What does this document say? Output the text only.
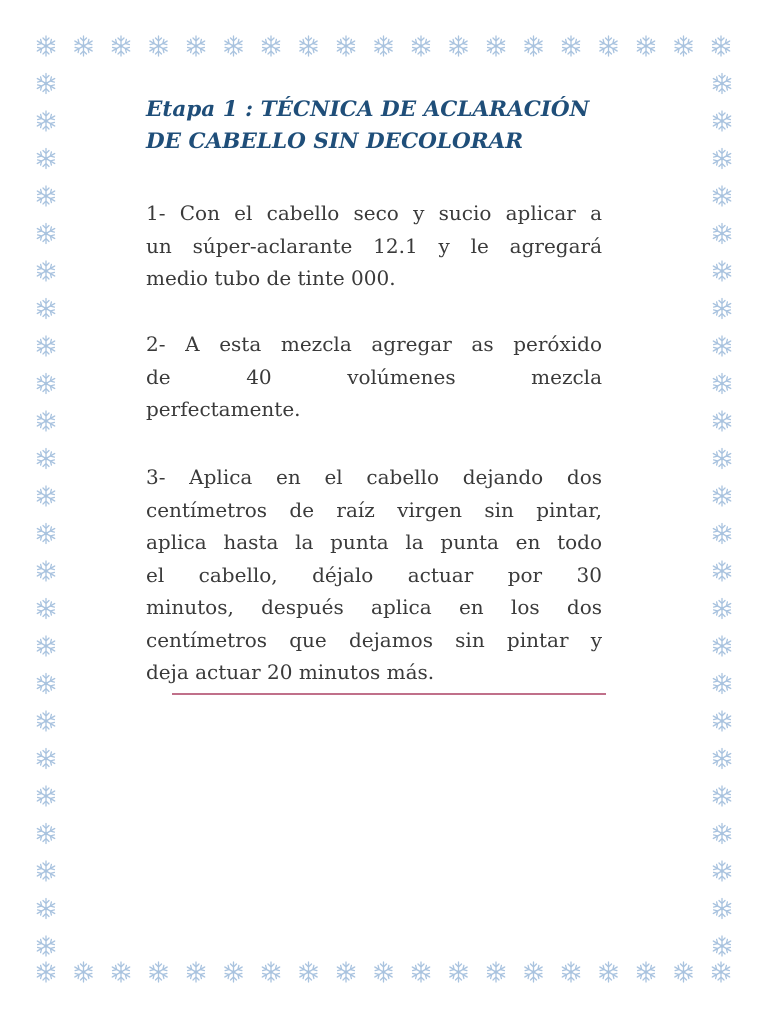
Etapa 1 : TÉCNICA DE ACLARACIÓN
DE CABELLO SIN DECOLORAR

1- Con el cabello seco y sucio aplicar a
un súper-aclarante 12.1 y le agregará
medio tubo de tinte 000.

2- A esta mezcla agregar as peróxido
de 40 volúmenes mezcla
perfectamente.

3- Aplica en el cabello dejando dos
centímetros de raíz virgen sin pintar,
aplica hasta la punta la punta en todo
el cabello, déjalo actuar por 30
minutos, después aplica en los dos
centímetros que dejamos sin pintar y
deja actuar 20 minutos más.
